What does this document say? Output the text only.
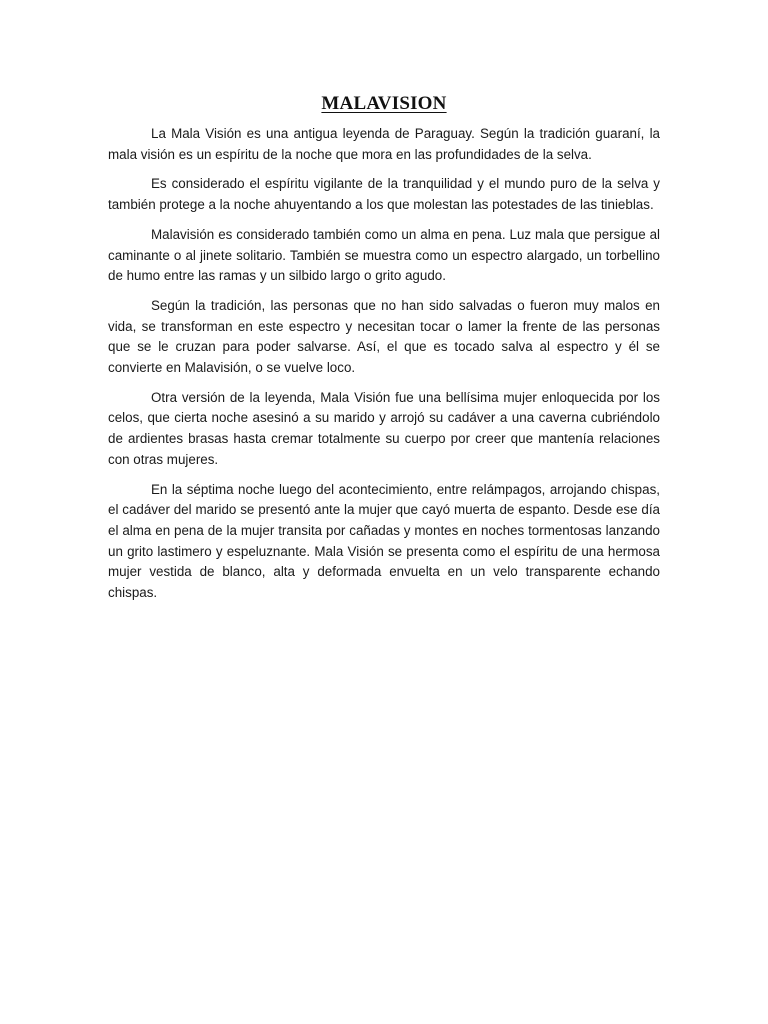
MALAVISION

La Mala Visión es una antigua leyenda de Paraguay. Según la tradición guaraní, la mala visión es un espíritu de la noche que mora en las profundidades de la selva.

Es considerado el espíritu vigilante de la tranquilidad y el mundo puro de la selva y también protege a la noche ahuyentando a los que molestan las potestades de las tinieblas.

Malavisión es considerado también como un alma en pena. Luz mala que persigue al caminante o al jinete solitario. También se muestra como un espectro alargado, un torbellino de humo entre las ramas y un silbido largo o grito agudo.

Según la tradición, las personas que no han sido salvadas o fueron muy malos en vida, se transforman en este espectro y necesitan tocar o lamer la frente de las personas que se le cruzan para poder salvarse. Así, el que es tocado salva al espectro y él se convierte en Malavisión, o se vuelve loco.

Otra versión de la leyenda, Mala Visión fue una bellísima mujer enloquecida por los celos, que cierta noche asesinó a su marido y arrojó su cadáver a una caverna cubriéndolo de ardientes brasas hasta cremar totalmente su cuerpo por creer que mantenía relaciones con otras mujeres.

En la séptima noche luego del acontecimiento, entre relámpagos, arrojando chispas, el cadáver del marido se presentó ante la mujer que cayó muerta de espanto. Desde ese día el alma en pena de la mujer transita por cañadas y montes en noches tormentosas lanzando un grito lastimero y espeluznante. Mala Visión se presenta como el espíritu de una hermosa mujer vestida de blanco, alta y deformada envuelta en un velo transparente echando chispas.
